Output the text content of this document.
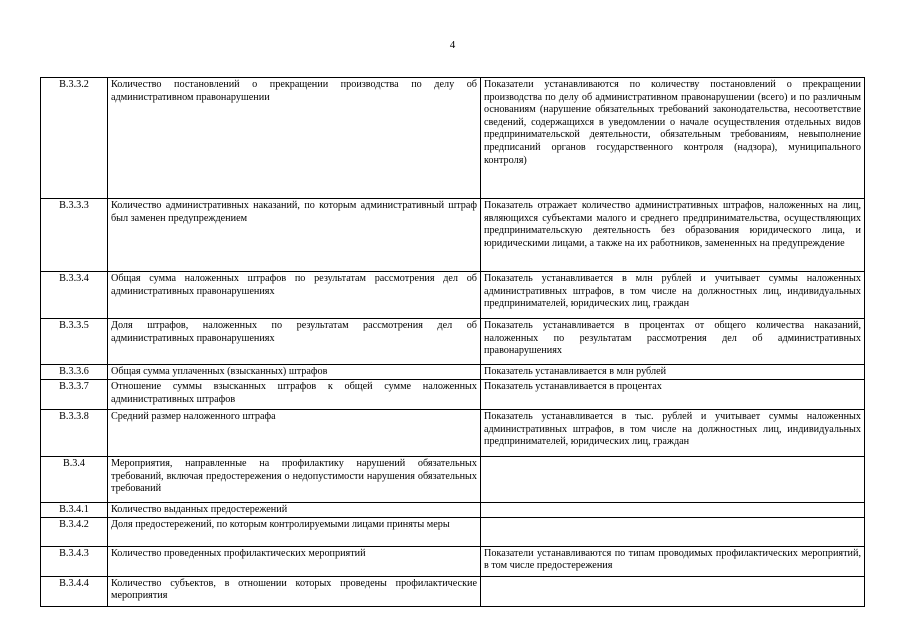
4
В.3.3.2	Количество постановлений о прекращении производства по делу об административном правонарушении	Показатели устанавливаются по количеству постановлений о прекращении производства по делу об административном правонарушении (всего) и по различным основаниям (нарушение обязательных требований законодательства, несоответствие сведений, содержащихся в уведомлении о начале осуществления отдельных видов предпринимательской деятельности, обязательным требованиям, невыполнение предписаний органов государственного контроля (надзора), муниципального контроля)
В.3.3.3	Количество административных наказаний, по которым административный штраф был заменен предупреждением	Показатель отражает количество административных штрафов, наложенных на лиц, являющихся субъектами малого и среднего предпринимательства, осуществляющих предпринимательскую деятельность без образования юридического лица, и юридическими лицами, а также на их работников, замененных на предупреждение
В.3.3.4	Общая сумма наложенных штрафов по результатам рассмотрения дел об административных правонарушениях	Показатель устанавливается в млн рублей и учитывает суммы наложенных административных штрафов, в том числе на должностных лиц, индивидуальных предпринимателей, юридических лиц, граждан
В.3.3.5	Доля штрафов, наложенных по результатам рассмотрения дел об административных правонарушениях	Показатель устанавливается в процентах от общего количества наказаний, наложенных по результатам рассмотрения дел об административных правонарушениях
В.3.3.6	Общая сумма уплаченных (взысканных) штрафов	Показатель устанавливается в млн рублей
В.3.3.7	Отношение суммы взысканных штрафов к общей сумме наложенных административных штрафов	Показатель устанавливается в процентах
В.3.3.8	Средний размер наложенного штрафа	Показатель устанавливается в тыс. рублей и учитывает суммы наложенных административных штрафов, в том числе на должностных лиц, индивидуальных предпринимателей, юридических лиц, граждан
В.3.4	Мероприятия, направленные на профилактику нарушений обязательных требований, включая предостережения о недопустимости нарушения обязательных требований	
В.3.4.1	Количество выданных предостережений	
В.3.4.2	Доля предостережений, по которым контролируемыми лицами приняты меры	
В.3.4.3	Количество проведенных профилактических мероприятий	Показатели устанавливаются по типам проводимых профилактических мероприятий, в том числе предостережения
В.3.4.4	Количество субъектов, в отношении которых проведены профилактические мероприятия	
